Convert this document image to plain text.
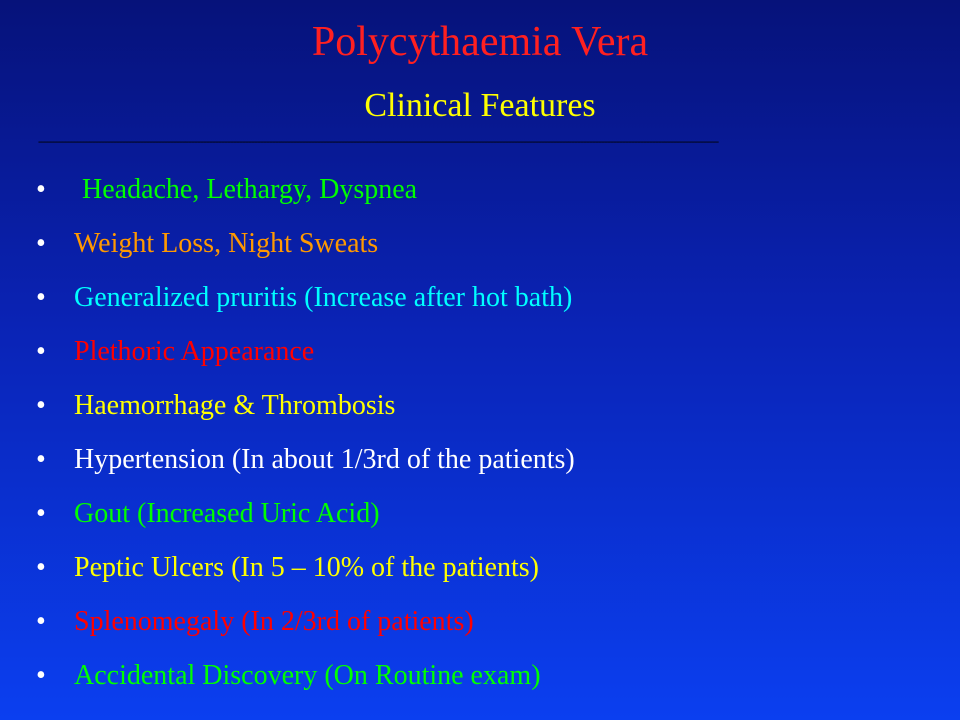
Polycythaemia Vera
Clinical Features
-----------------------------------------------------------------------------------------------------------------------------------------------------------------------------------------------------------------------------------
•	Headache, Lethargy, Dyspnea
•	Weight Loss, Night Sweats
•	Generalized pruritis (Increase after hot bath)
•	Plethoric Appearance
•	Haemorrhage & Thrombosis
•	Hypertension (In about 1/3rd of the patients)
•	Gout (Increased Uric Acid)
•	Peptic Ulcers (In 5 – 10% of the patients)
•	Splenomegaly (In 2/3rd of patients)
•	Accidental Discovery (On Routine exam)
